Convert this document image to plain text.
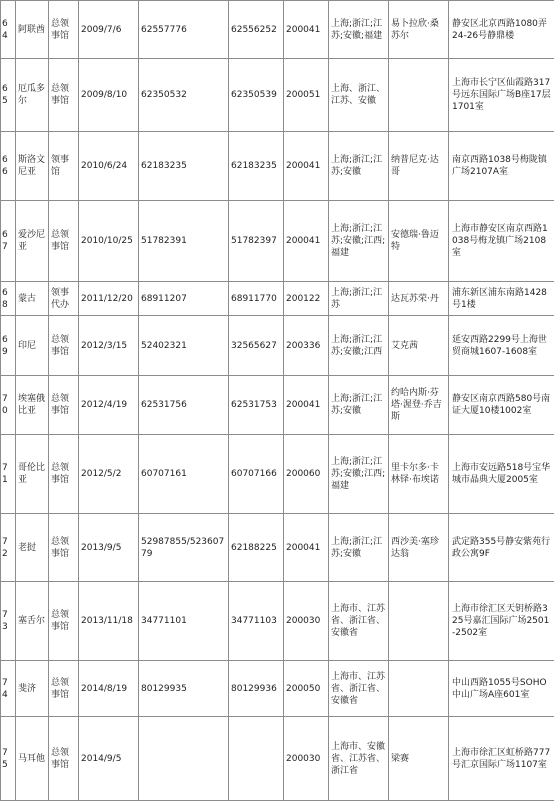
64	阿联酋	总领事馆	2009/7/6	62557776	62556252	200041	上海;浙江;江苏;安徽;福建	易卜拉欣·桑苏尔	静安区北京西路1080弄24-26号静鼎楼
65	厄瓜多尔	总领事馆	2009/8/10	62350532	62350539	200051	上海、浙江、江苏、安徽		上海市长宁区仙霞路317号远东国际广场B座17层1701室
66	斯洛文尼亚	领事馆	2010/6/24	62183235	62183235	200041	上海;浙江;江苏;安徽	纳普尼克·达哥	南京西路1038号梅陇镇广场2107A室
67	爱沙尼亚	总领事馆	2010/10/25	51782391	51782397	200041	上海;浙江;江苏;安徽;江西;福建	安德瑞·鲁迈特	上海市静安区南京西路1038号梅龙镇广场2108室
68	蒙古	领事代办	2011/12/20	68911207	68911770	200122	上海;浙江;江苏	达瓦苏荣·丹	浦东新区浦东南路1428号1楼
69	印尼	总领事馆	2012/3/15	52402321	32565627	200336	上海;浙江;江苏;安徽;江西	艾克茜	延安西路2299号上海世贸商城1607-1608室
70	埃塞俄比亚	总领事馆	2012/4/19	62531756	62531753	200041	上海;浙江;江苏;安徽	约哈内斯·芬塔·渥登·乔吉斯	静安区南京西路580号南证大厦10楼1002室
71	哥伦比亚	总领事馆	2012/5/2	60707161	60707166	200060	上海;浙江;江苏;安徽;江西;福建	里卡尔多·卡林铎·布埃诺	上海市安远路518号宝华城市晶典大厦2005室
72	老挝	总领事馆	2013/9/5	52987855/52360779	62188225	200041	上海;浙江;江苏;安徽	西沙美·塞珍达翁	武定路355号静安紫苑行政公寓9F
73	塞舌尔	总领事馆	2013/11/18	34771101	34771103	200030	上海市、江苏省、浙江省、安徽省		上海市徐汇区天钥桥路325号嘉汇国际广场2501-2502室
74	斐济	总领事馆	2014/8/19	80129935	80129936	200050	上海市、江苏省、浙江省、安徽省		中山西路1055号SOHO中山广场A座601室
75	马耳他	总领事馆	2014/9/5			200030	上海市、安徽省、江苏省、浙江省	梁赛	上海市徐汇区虹桥路777号汇京国际广场1107室
